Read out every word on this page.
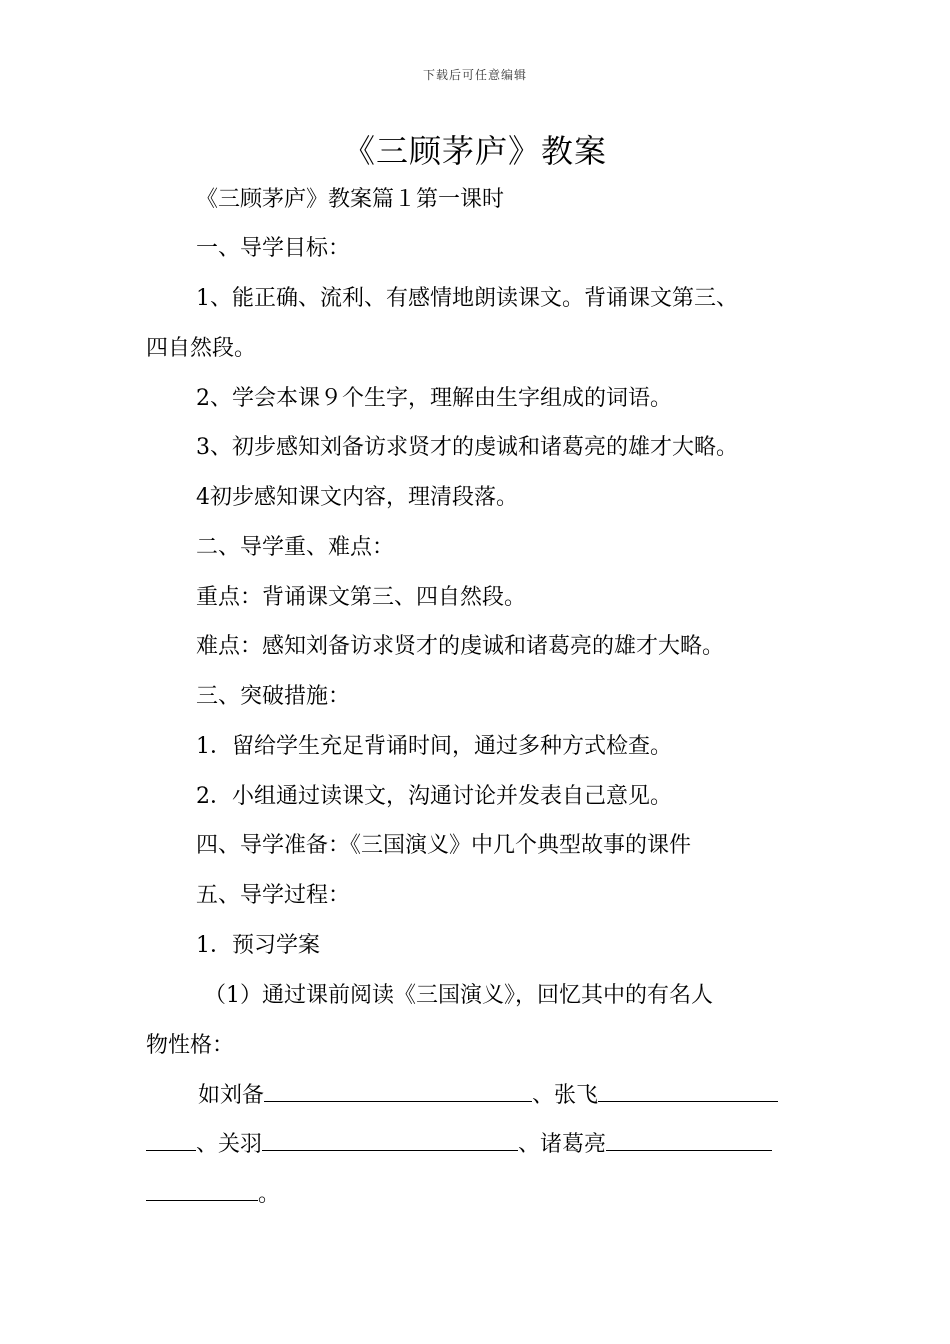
下载后可任意编辑
《三顾茅庐》教案
《三顾茅庐》教案篇１第一课时
一、导学目标：
1、能正确、流利、有感情地朗读课文。背诵课文第三、
四自然段。
2、学会本课９个生字，理解由生字组成的词语。
3、初步感知刘备访求贤才的虔诚和诸葛亮的雄才大略。
4初步感知课文内容，理清段落。
二、导学重、难点：
重点：背诵课文第三、四自然段。
难点：感知刘备访求贤才的虔诚和诸葛亮的雄才大略。
三、突破措施：
1．留给学生充足背诵时间，通过多种方式检查。
2．小组通过读课文，沟通讨论并发表自己意见。
四、导学准备：《三国演义》中几个典型故事的课件
五、导学过程：
1．预习学案
（1）通过课前阅读《三国演义》，回忆其中的有名人
物性格：
如刘备	、张飞
、关羽	、诸葛亮
。
